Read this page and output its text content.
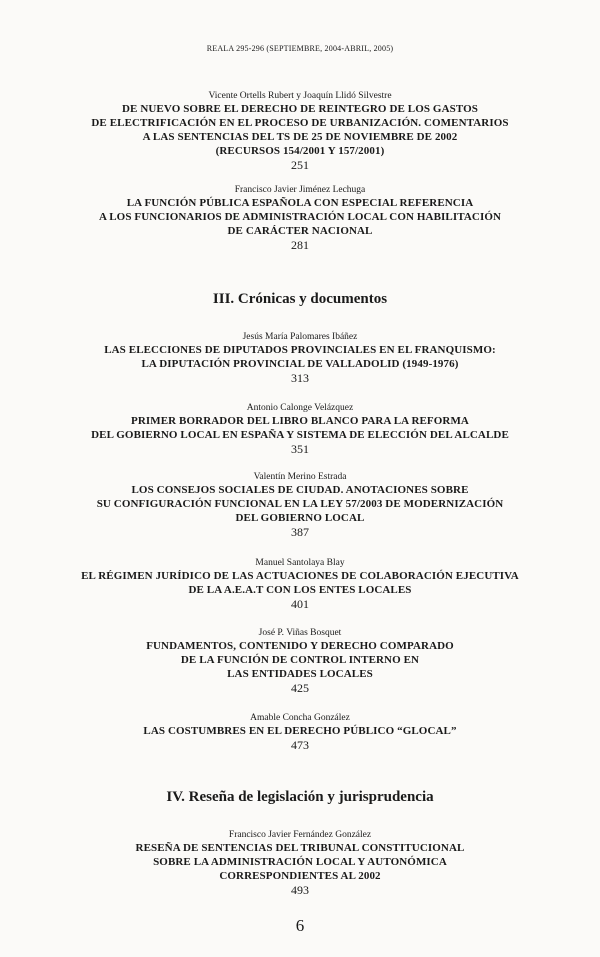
REALA 295-296 (SEPTIEMBRE, 2004-ABRIL, 2005)
Vicente Ortells Rubert y Joaquín Llidó Silvestre
DE NUEVO SOBRE EL DERECHO DE REINTEGRO DE LOS GASTOS
DE ELECTRIFICACIÓN EN EL PROCESO DE URBANIZACIÓN. COMENTARIOS
A LAS SENTENCIAS DEL TS DE 25 DE NOVIEMBRE DE 2002
(RECURSOS 154/2001 Y 157/2001)
251
Francisco Javier Jiménez Lechuga
LA FUNCIÓN PÚBLICA ESPAÑOLA CON ESPECIAL REFERENCIA
A LOS FUNCIONARIOS DE ADMINISTRACIÓN LOCAL CON HABILITACIÓN
DE CARÁCTER NACIONAL
281
III. Crónicas y documentos
Jesús María Palomares Ibáñez
LAS ELECCIONES DE DIPUTADOS PROVINCIALES EN EL FRANQUISMO:
LA DIPUTACIÓN PROVINCIAL DE VALLADOLID (1949-1976)
313
Antonio Calonge Velázquez
PRIMER BORRADOR DEL LIBRO BLANCO PARA LA REFORMA
DEL GOBIERNO LOCAL EN ESPAÑA Y SISTEMA DE ELECCIÓN DEL ALCALDE
351
Valentín Merino Estrada
LOS CONSEJOS SOCIALES DE CIUDAD. ANOTACIONES SOBRE
SU CONFIGURACIÓN FUNCIONAL EN LA LEY 57/2003 DE MODERNIZACIÓN
DEL GOBIERNO LOCAL
387
Manuel Santolaya Blay
EL RÉGIMEN JURÍDICO DE LAS ACTUACIONES DE COLABORACIÓN EJECUTIVA
DE LA A.E.A.T CON LOS ENTES LOCALES
401
José P. Viñas Bosquet
FUNDAMENTOS, CONTENIDO Y DERECHO COMPARADO
DE LA FUNCIÓN DE CONTROL INTERNO EN
LAS ENTIDADES LOCALES
425
Amable Concha González
LAS COSTUMBRES EN EL DERECHO PÚBLICO “GLOCAL”
473
IV. Reseña de legislación y jurisprudencia
Francisco Javier Fernández González
RESEÑA DE SENTENCIAS DEL TRIBUNAL CONSTITUCIONAL
SOBRE LA ADMINISTRACIÓN LOCAL Y AUTONÓMICA
CORRESPONDIENTES AL 2002
493
6
